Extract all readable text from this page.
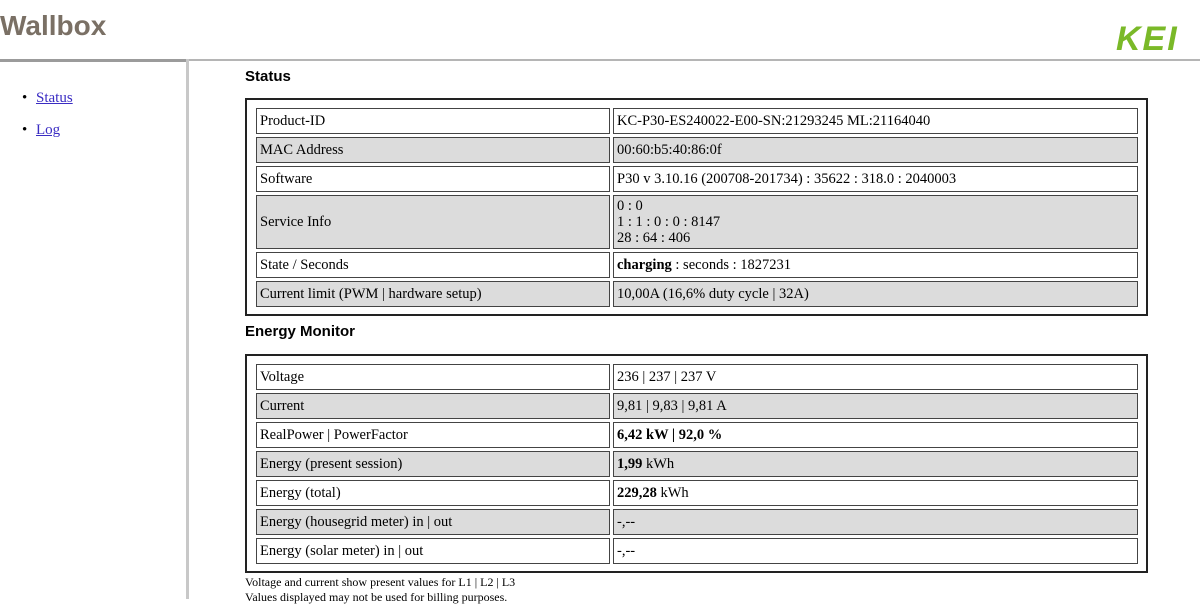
Wallbox	KEI
• Status
• Log
Status
Product-ID	KC-P30-ES240022-E00-SN:21293245 ML:21164040
MAC Address	00:60:b5:40:86:0f
Software	P30 v 3.10.16 (200708-201734) : 35622 : 318.0 : 2040003
Service Info	0 : 0
1 : 1 : 0 : 0 : 8147
28 : 64 : 406

State / Seconds	charging : seconds : 1827231
Current limit (PWM | hardware setup)	10,00A (16,6% duty cycle | 32A)
Energy Monitor
Voltage	236 | 237 | 237 V
Current	9,81 | 9,83 | 9,81 A
RealPower | PowerFactor	6,42 kW | 92,0 %
Energy (present session)	1,99 kWh
Energy (total)	229,28 kWh
Energy (housegrid meter) in | out	-,--
Energy (solar meter) in | out	-,--
Voltage and current show present values for L1 | L2 | L3
Values displayed may not be used for billing purposes.
